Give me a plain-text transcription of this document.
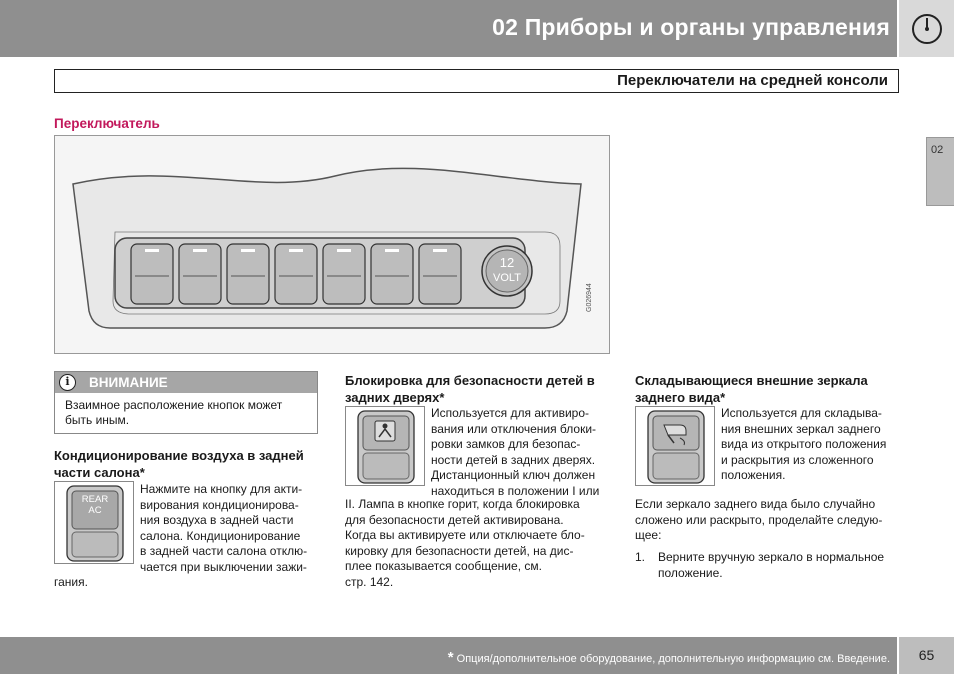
02 Приборы и органы управления
Переключатели на средней консоли
02
Переключатель
12
VOLT
G026944
i	ВНИМАНИЕ
Взаимное расположение кнопок может быть иным.
Кондиционирование воздуха в задней части салона*
REAR
AC
Нажмите на кнопку для акти-
вирования кондиционирова-
ния воздуха в задней части
салона. Кондиционирование
в задней части салона отклю-
чается при выключении зажи-
гания.
Блокировка для безопасности детей в задних дверях*
Используется для активиро-
вания или отключения блоки-
ровки замков для безопас-
ности детей в задних дверях.
Дистанционный ключ должен
находиться в положении I или
II. Лампа в кнопке горит, когда блокировка
для безопасности детей активирована.
Когда вы активируете или отключаете бло-
кировку для безопасности детей, на дис-
плее показывается сообщение, см.
стр. 142.
Складывающиеся внешние зеркала заднего вида*
Используется для складыва-
ния внешних зеркал заднего
вида из открытого положения
и раскрытия из сложенного
положения.
Если зеркало заднего вида было случайно
сложено или раскрыто, проделайте следую-
щее:
1. Верните вручную зеркало в нормальное
положение.
* Опция/дополнительное оборудование, дополнительную информацию см. Введение.	65
